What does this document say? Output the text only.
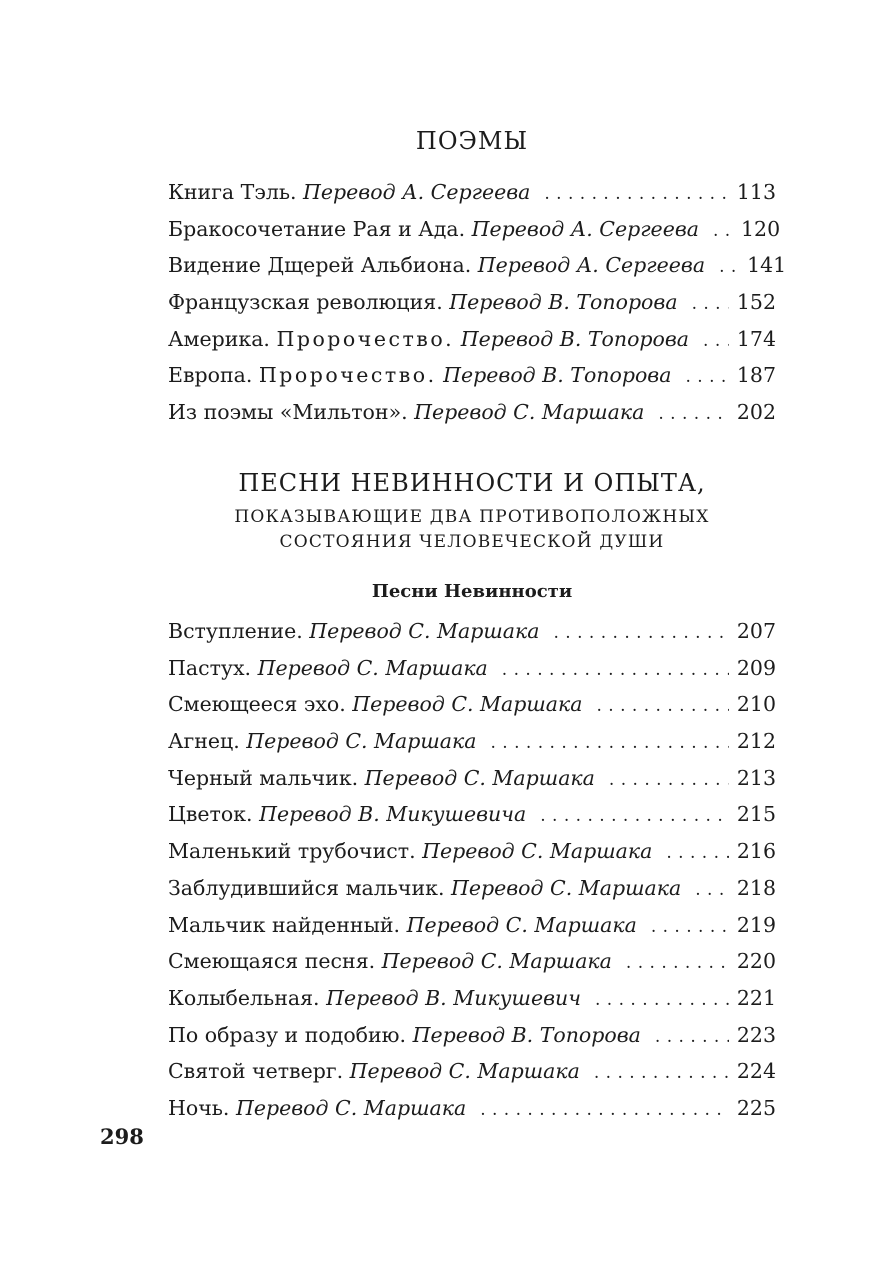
ПОЭМЫ
Книга Тэль. Перевод А. Сергеева . . .	113
Бракосочетание Рая и Ада. Перевод А. Сергеева . . . 120
Видение Дщерей Альбиона. Перевод А. Сергеева . . . 141
Французская революция. Перевод В. Топорова . . .	152
Америка. Пророчество. Перевод В. Топорова . . . 174
Европа. Пророчество. Перевод В. Топорова . . .	187
Из поэмы «Мильтон». Перевод С. Маршака . . .	202
ПЕСНИ НЕВИННОСТИ И ОПЫТА,
ПОКАЗЫВАЮЩИЕ ДВА ПРОТИВОПОЛОЖНЫХ
СОСТОЯНИЯ ЧЕЛОВЕЧЕСКОЙ ДУШИ
Песни Невинности
Вступление. Перевод С. Маршака . . .	207
Пастух. Перевод С. Маршака . . .	209
Смеющееся эхо. Перевод С. Маршака . . .	210
Агнец. Перевод С. Маршака . . .	212
Черный мальчик. Перевод С. Маршака . . .	213
Цветок. Перевод В. Микушевича . . .	215
Маленький трубочист. Перевод С. Маршака . . .	216
Заблудившийся мальчик. Перевод С. Маршака . . .	218
Мальчик найденный. Перевод С. Маршака . . .	219
Смеющаяся песня. Перевод С. Маршака . . .	220
Колыбельная. Перевод В. Микушевич . . .	221
По образу и подобию. Перевод В. Топорова . . .	223
Святой четверг. Перевод С. Маршака . . .	224
Ночь. Перевод С. Маршака . . .	225
298
